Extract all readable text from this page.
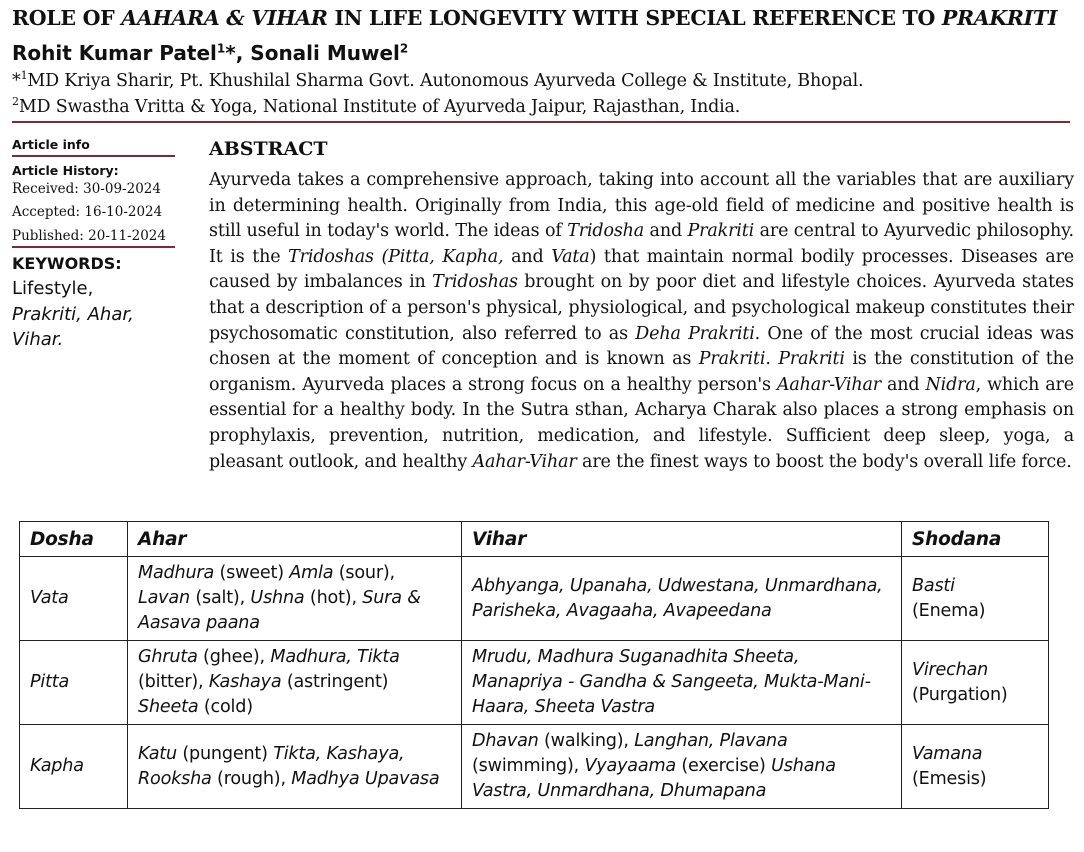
ROLE OF AAHARA & VIHAR IN LIFE LONGEVITY WITH SPECIAL REFERENCE TO PRAKRITI
Rohit Kumar Patel$^1$*, Sonali Muwel$^2$
*$^1$MD Kriya Sharir, Pt. Khushilal Sharma Govt. Autonomous Ayurveda College & Institute, Bhopal.
$^2$MD Swastha Vritta & Yoga, National Institute of Ayurveda Jaipur, Rajasthan, India.
Article info
Article History:
Received: 30-09-2024
Accepted: 16-10-2024
Published: 20-11-2024
KEYWORDS:
Lifestyle,
Prakriti, Ahar,
Vihar.
ABSTRACT
Ayurveda takes a comprehensive approach, taking into account all the variables that are auxiliary in determining health. Originally from India, this age-old field of medicine and positive health is still useful in today's world. The ideas of Tridosha and Prakriti are central to Ayurvedic philosophy. It is the Tridoshas (Pitta, Kapha, and Vata) that maintain normal bodily processes. Diseases are caused by imbalances in Tridoshas brought on by poor diet and lifestyle choices. Ayurveda states that a description of a person's physical, physiological, and psychological makeup constitutes their psychosomatic constitution, also referred to as Deha Prakriti. One of the most crucial ideas was chosen at the moment of conception and is known as Prakriti. Prakriti is the constitution of the organism. Ayurveda places a strong focus on a healthy person's Aahar-Vihar and Nidra, which are essential for a healthy body. In the Sutra sthan, Acharya Charak also places a strong emphasis on prophylaxis, prevention, nutrition, medication, and lifestyle. Sufficient deep sleep, yoga, a pleasant outlook, and healthy Aahar-Vihar are the finest ways to boost the body's overall life force.
Dosha	Ahar	Vihar	Shodana
Vata	Madhura (sweet) Amla (sour), Lavan (salt), Ushna (hot), Sura & Aasava paana	Abhyanga, Upanaha, Udwestana, Unmardhana, Parisheka, Avagaaha, Avapeedana	Basti
(Enema)

Pitta	Ghruta (ghee), Madhura, Tikta (bitter), Kashaya (astringent) Sheeta (cold)	Mrudu, Madhura Suganadhita Sheeta, Manapriya - Gandha & Sangeeta, Mukta-Mani-Haara, Sheeta Vastra	Virechan
(Purgation)

Kapha	Katu (pungent) Tikta, Kashaya, Rooksha (rough), Madhya Upavasa	Dhavan (walking), Langhan, Plavana (swimming), Vyayaama (exercise) Ushana Vastra, Unmardhana, Dhumapana	Vamana
(Emesis)
